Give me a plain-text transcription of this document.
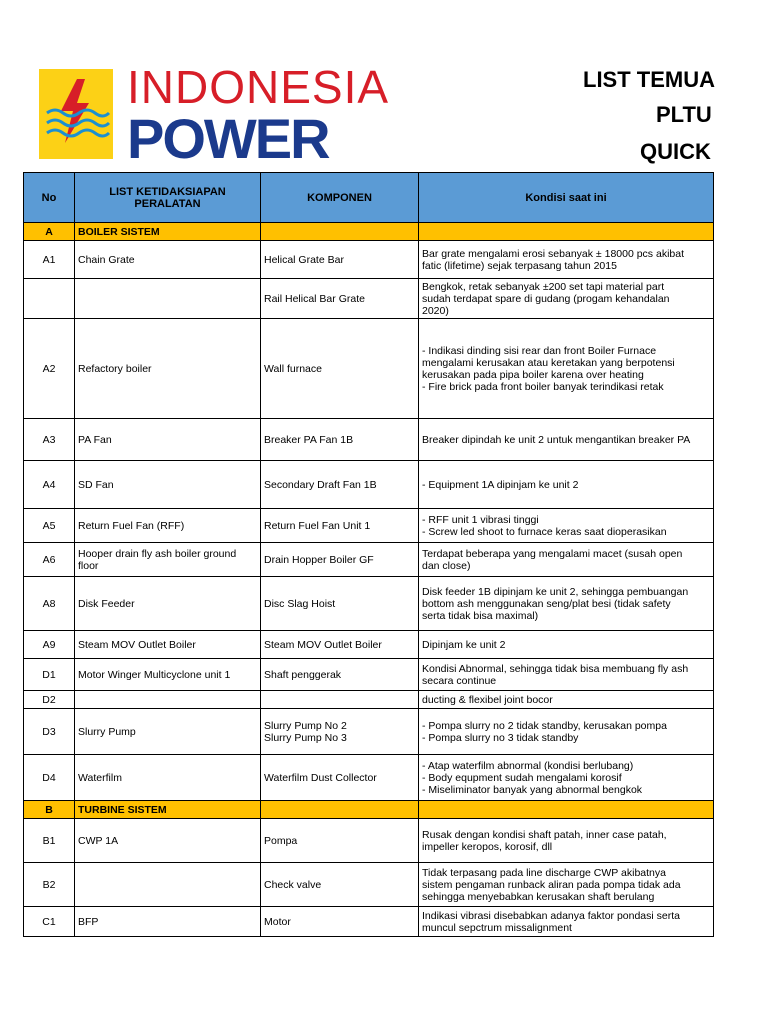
INDONESIA
POWER
LIST TEMUA
PLTU
QUICK
No	LIST KETIDAKSIAPAN PERALATAN	KOMPONEN	Kondisi saat ini
A	BOILER SISTEM		
A1	Chain Grate	Helical Grate Bar	Bar grate mengalami erosi sebanyak ± 18000 pcs akibat
fatic (lifetime) sejak terpasang tahun 2015
		Rail Helical Bar Grate	Bengkok, retak sebanyak ±200 set tapi material part
sudah terdapat spare di gudang (progam kehandalan
2020)
A2	Refactory boiler	Wall furnace	- Indikasi dinding sisi rear dan front Boiler Furnace
mengalami kerusakan atau keretakan yang berpotensi
kerusakan pada pipa boiler karena over heating
- Fire brick pada front boiler banyak terindikasi retak
A3	PA Fan	Breaker PA Fan 1B	Breaker dipindah ke unit 2 untuk mengantikan breaker PA
A4	SD Fan	Secondary Draft Fan 1B	- Equipment 1A dipinjam ke unit 2
A5	Return Fuel Fan (RFF)	Return Fuel Fan Unit 1	- RFF unit 1 vibrasi tinggi
- Screw led shoot to furnace keras saat dioperasikan
A6	Hooper drain fly ash boiler ground
floor	Drain Hopper Boiler GF	Terdapat beberapa yang mengalami macet (susah open
dan close)
A8	Disk Feeder	Disc Slag Hoist	Disk feeder 1B dipinjam ke unit 2, sehingga pembuangan
bottom ash menggunakan seng/plat besi (tidak safety
serta tidak bisa maximal)
A9	Steam MOV Outlet Boiler	Steam MOV Outlet Boiler	Dipinjam ke unit 2
D1	Motor Winger Multicyclone unit 1	Shaft penggerak	Kondisi Abnormal, sehingga tidak bisa membuang fly ash
secara continue
D2			ducting & flexibel joint bocor
D3	Slurry Pump	Slurry Pump No 2
Slurry Pump No 3	- Pompa slurry no 2 tidak standby, kerusakan pompa
- Pompa slurry no 3 tidak standby
D4	Waterfilm	Waterfilm Dust Collector	- Atap waterfilm abnormal (kondisi berlubang)
- Body equpment sudah mengalami korosif
- Miseliminator banyak yang abnormal bengkok
B	TURBINE SISTEM		
B1	CWP 1A	Pompa	Rusak dengan kondisi shaft patah, inner case patah,
impeller keropos, korosif, dll
B2		Check valve	Tidak terpasang pada line discharge CWP akibatnya
sistem pengaman runback aliran pada pompa tidak ada
sehingga menyebabkan kerusakan shaft berulang
C1	BFP	Motor	Indikasi vibrasi disebabkan adanya faktor pondasi serta
muncul sepctrum missalignment
